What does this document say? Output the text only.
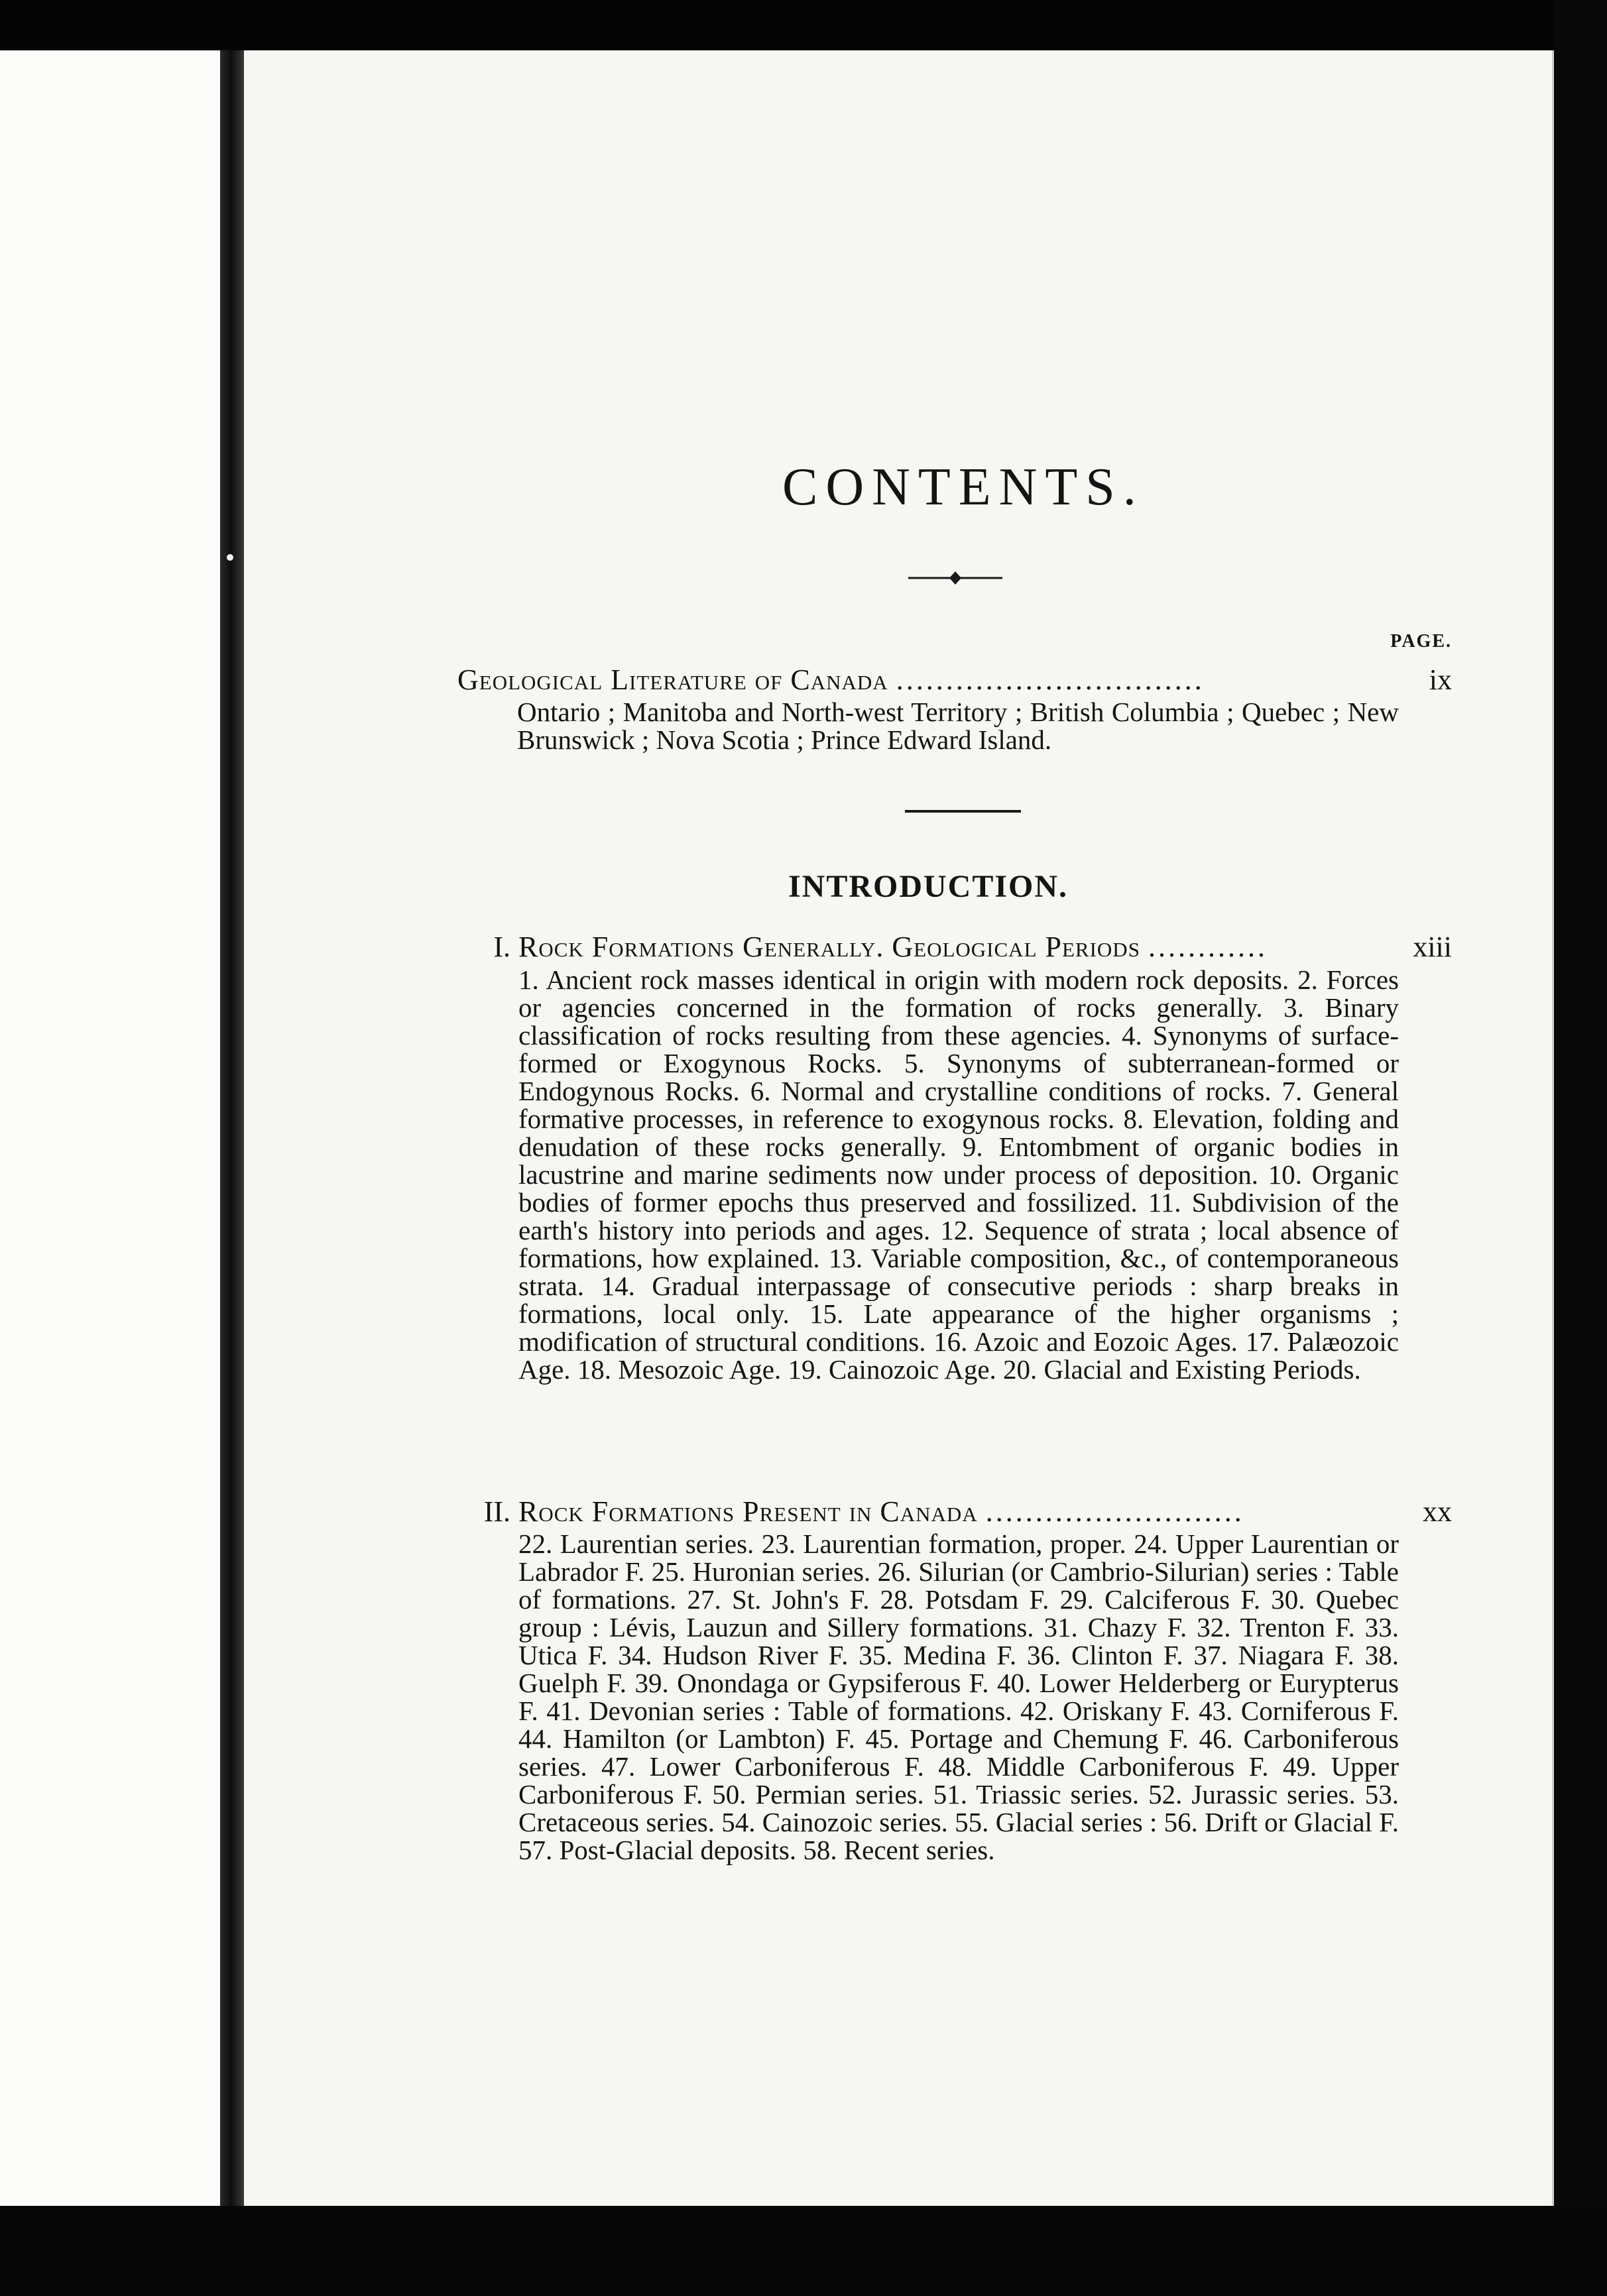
CONTENTS.
PAGE.
Geological Literature of Canada ...............................	ix

Ontario ; Manitoba and North-west Territory ; British Columbia ; Quebec ; New Brunswick ; Nova Scotia ; Prince Edward Island.

INTRODUCTION.
I. Rock Formations Generally. Geological Periods ............	xiii

1. Ancient rock masses identical in origin with modern rock deposits. 2. Forces or agencies concerned in the formation of rocks generally. 3. Binary classification of rocks resulting from these agencies. 4. Synonyms of surface-formed or Exogynous Rocks. 5. Synonyms of subterranean-formed or Endogynous Rocks. 6. Normal and crystalline conditions of rocks. 7. General formative processes, in reference to exogynous rocks. 8. Elevation, folding and denudation of these rocks generally. 9. Entombment of organic bodies in lacustrine and marine sediments now under process of deposition. 10. Organic bodies of former epochs thus preserved and fossilized. 11. Subdivision of the earth's history into periods and ages. 12. Sequence of strata ; local absence of formations, how explained. 13. Variable composition, &c., of contemporaneous strata. 14. Gradual interpassage of consecutive periods : sharp breaks in formations, local only. 15. Late appearance of the higher organisms ; modification of structural conditions. 16. Azoic and Eozoic Ages. 17. Palæozoic Age. 18. Mesozoic Age. 19. Cainozoic Age. 20. Glacial and Existing Periods.

II. Rock Formations Present in Canada ..........................	xx

22. Laurentian series. 23. Laurentian formation, proper. 24. Upper Laurentian or Labrador F. 25. Huronian series. 26. Silurian (or Cambrio-Silurian) series : Table of formations. 27. St. John's F. 28. Potsdam F. 29. Calciferous F. 30. Quebec group : Lévis, Lauzun and Sillery formations. 31. Chazy F. 32. Trenton F. 33. Utica F. 34. Hudson River F. 35. Medina F. 36. Clinton F. 37. Niagara F. 38. Guelph F. 39. Onondaga or Gypsiferous F. 40. Lower Helderberg or Eurypterus F. 41. Devonian series : Table of formations. 42. Oriskany F. 43. Corniferous F. 44. Hamilton (or Lambton) F. 45. Portage and Chemung F. 46. Carboniferous series. 47. Lower Carboniferous F. 48. Middle Carboniferous F. 49. Upper Carboniferous F. 50. Permian series. 51. Triassic series. 52. Jurassic series. 53. Cretaceous series. 54. Cainozoic series. 55. Glacial series : 56. Drift or Glacial F. 57. Post-Glacial deposits. 58. Recent series.
